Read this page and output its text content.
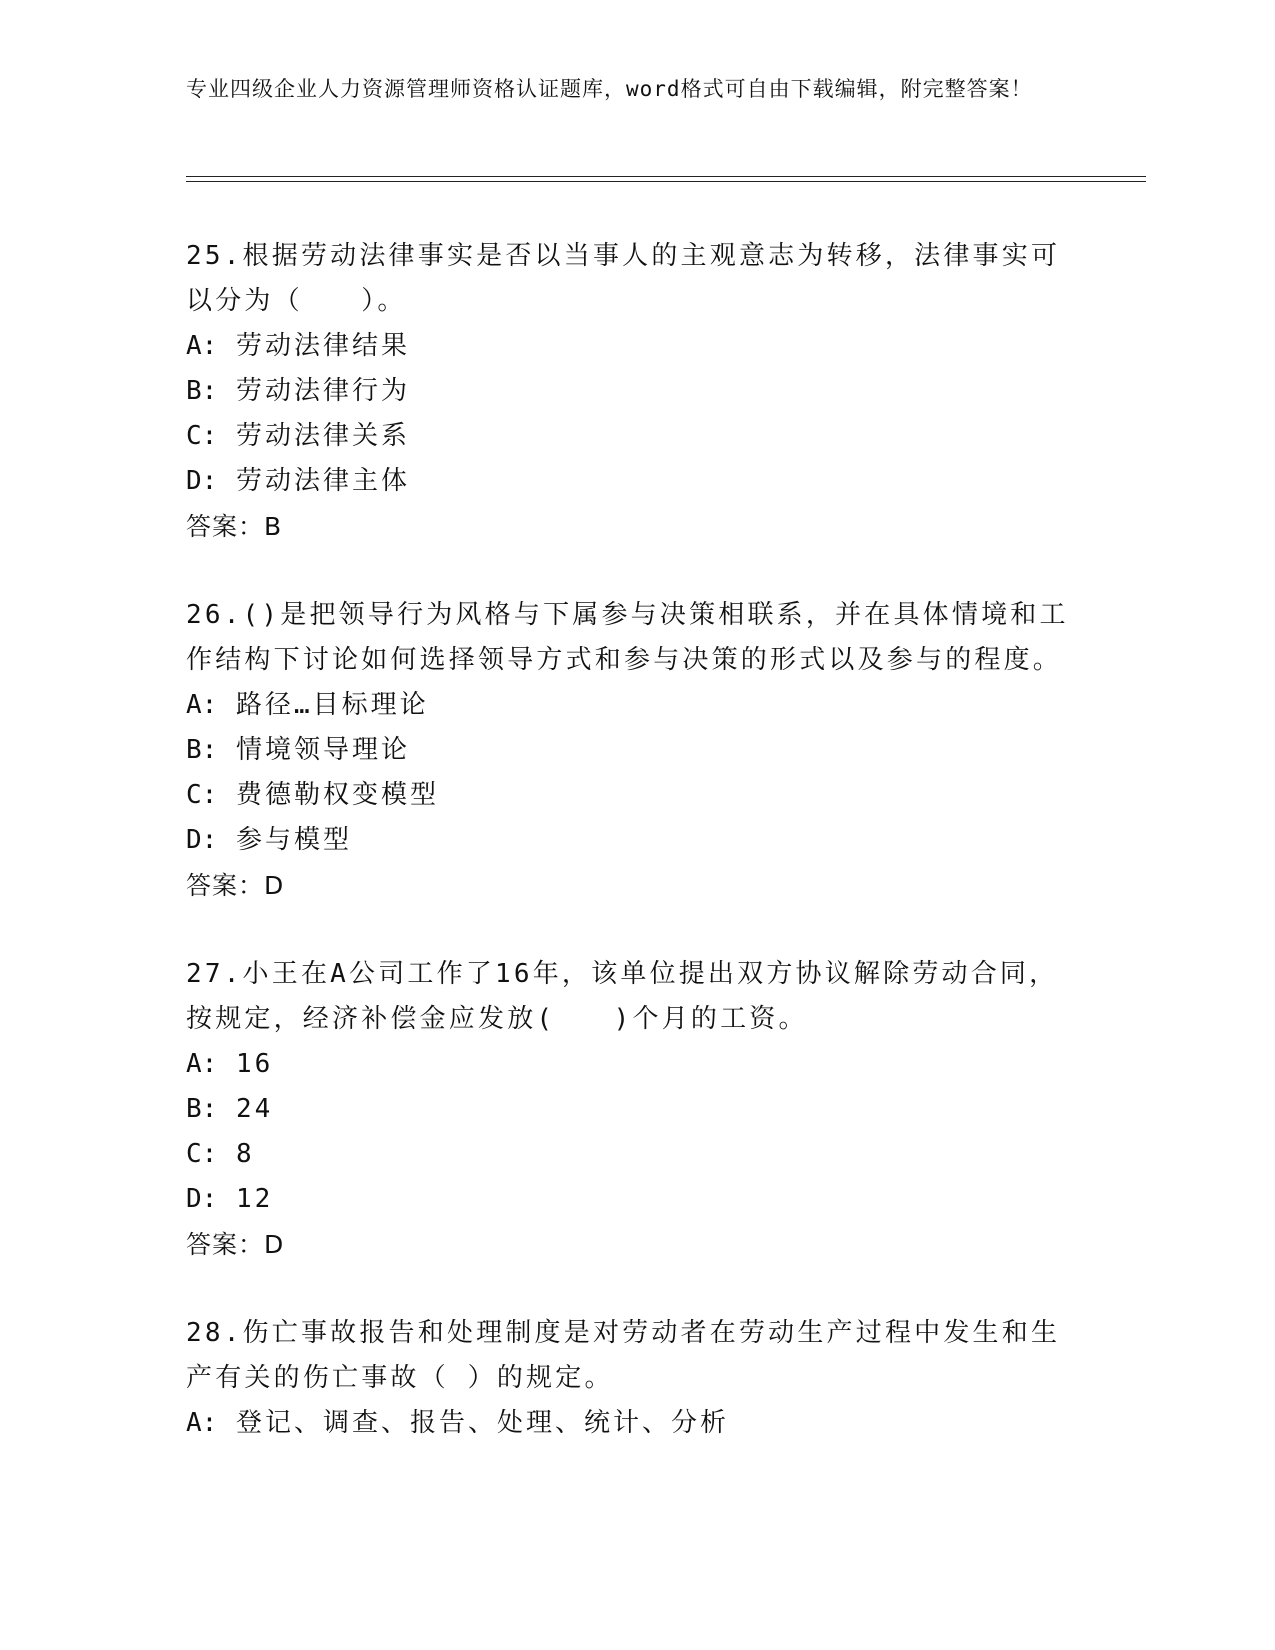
专业四级企业人力资源管理师资格认证题库，word格式可自由下载编辑，附完整答案！

25.根据劳动法律事实是否以当事人的主观意志为转移，法律事实可以分为（　　）。

A:  劳动法律结果

B:  劳动法律行为

C:  劳动法律关系

D:  劳动法律主体

答案：B

26.()是把领导行为风格与下属参与决策相联系，并在具体情境和工作结构下讨论如何选择领导方式和参与决策的形式以及参与的程度。

A:  路径…目标理论

B:  情境领导理论

C:  费德勒权变模型

D:  参与模型

答案：D

27.小王在A公司工作了16年，该单位提出双方协议解除劳动合同，按规定，经济补偿金应发放(　　)个月的工资。

A:  16

B:  24

C:  8

D:  12

答案：D

28.伤亡事故报告和处理制度是对劳动者在劳动生产过程中发生和生产有关的伤亡事故（ ）的规定。

A:  登记、调查、报告、处理、统计、分析
